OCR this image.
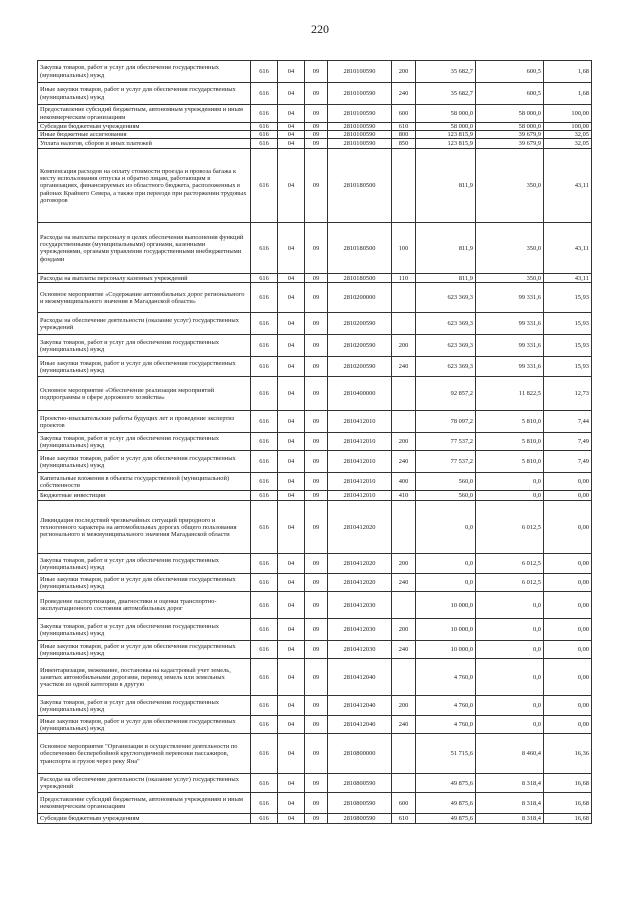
220
Закупка товаров, работ и услуг для обеспечения государственных (муниципальных) нужд	616	04	09	2810100590	200	35 682,7	600,5	1,68
Иные закупки товаров, работ и услуг для обеспечения государственных (муниципальных) нужд	616	04	09	2810100590	240	35 682,7	600,5	1,68
Предоставление субсидий бюджетным, автономным учреждениям и иным некоммерческим организациям	616	04	09	2810100590	600	58 000,0	58 000,0	100,00
Субсидии бюджетным учреждениям	616	04	09	2810100590	610	58 000,0	58 000,0	100,00
Иные бюджетные ассигнования	616	04	09	2810100590	800	123 815,9	39 679,9	32,05
Уплата налогов, сборов и иных платежей	616	04	09	2810100590	850	123 815,9	39 679,9	32,05
Компенсация расходов на оплату стоимости проезда и провоза багажа к месту использования отпуска и обратно лицам, работающим в организациях, финансируемых из областного бюджета, расположенных в районах Крайнего Севера, а также при переезде при расторжении трудовых договоров	616	04	09	2810180500		811,9	350,0	43,11
Расходы на выплаты персоналу в целях обеспечения выполнения функций государственными (муниципальными) органами, казенными учреждениями, органами управления государственными внебюджетными фондами	616	04	09	2810180500	100	811,9	350,0	43,11
Расходы на выплаты персоналу казенных учреждений	616	04	09	2810180500	110	811,9	350,0	43,11
Основное мероприятие «Содержание автомобильных дорог регионального и межмуниципального значения в Магаданской области»	616	04	09	2810200000		623 369,3	99 331,6	15,93
Расходы на обеспечение деятельности (оказание услуг) государственных учреждений	616	04	09	2810200590		623 369,3	99 331,6	15,93
Закупка товаров, работ и услуг для обеспечения государственных (муниципальных) нужд	616	04	09	2810200590	200	623 369,3	99 331,6	15,93
Иные закупки товаров, работ и услуг для обеспечения государственных (муниципальных) нужд	616	04	09	2810200590	240	623 369,3	99 331,6	15,93
Основное мероприятие «Обеспечение реализации мероприятий подпрограммы в сфере дорожного хозяйства»	616	04	09	2810400000		92 857,2	11 822,5	12,73
Проектно-изыскательские работы будущих лет и проведение экспертиз проектов	616	04	09	2810412010		78 097,2	5 810,0	7,44
Закупка товаров, работ и услуг для обеспечения государственных (муниципальных) нужд	616	04	09	2810412010	200	77 537,2	5 810,0	7,49
Иные закупки товаров, работ и услуг для обеспечения государственных (муниципальных) нужд	616	04	09	2810412010	240	77 537,2	5 810,0	7,49
Капитальные вложения в объекты государственной (муниципальной) собственности	616	04	09	2810412010	400	560,0	0,0	0,00
Бюджетные инвестиции	616	04	09	2810412010	410	560,0	0,0	0,00
Ликвидация последствий чрезвычайных ситуаций природного и техногенного характера на автомобильных дорогах общего пользования регионального и межмуниципального значения Магаданской области	616	04	09	2810412020		0,0	6 012,5	0,00
Закупка товаров, работ и услуг для обеспечения государственных (муниципальных) нужд	616	04	09	2810412020	200	0,0	6 012,5	0,00
Иные закупки товаров, работ и услуг для обеспечения государственных (муниципальных) нужд	616	04	09	2810412020	240	0,0	6 012,5	0,00
Проведение паспортизации, диагностики и оценки транспортно-эксплуатационного состояния автомобильных дорог	616	04	09	2810412030		10 000,0	0,0	0,00
Закупка товаров, работ и услуг для обеспечения государственных (муниципальных) нужд	616	04	09	2810412030	200	10 000,0	0,0	0,00
Иные закупки товаров, работ и услуг для обеспечения государственных (муниципальных) нужд	616	04	09	2810412030	240	10 000,0	0,0	0,00
Инвентаризация, межевание, постановка на кадастровый учет земель, занятых автомобильными дорогами, перевод земель или земельных участков из одной категории в другую	616	04	09	2810412040		4 760,0	0,0	0,00
Закупка товаров, работ и услуг для обеспечения государственных (муниципальных) нужд	616	04	09	2810412040	200	4 760,0	0,0	0,00
Иные закупки товаров, работ и услуг для обеспечения государственных (муниципальных) нужд	616	04	09	2810412040	240	4 760,0	0,0	0,00
Основное мероприятие "Организация и осуществление деятельности по обеспечению бесперебойной круглогодичной перевозки пассажиров, транспорта и грузов через реку Яна"	616	04	09	2810800000		51 715,6	8 460,4	16,36
Расходы на обеспечение деятельности (оказание услуг) государственных учреждений	616	04	09	2810800590		49 875,6	8 318,4	16,68
Предоставление субсидий бюджетным, автономным учреждениям и иным некоммерческим организациям	616	04	09	2810800590	600	49 875,6	8 318,4	16,68
Субсидии бюджетным учреждениям	616	04	09	2810800590	610	49 875,6	8 318,4	16,68
